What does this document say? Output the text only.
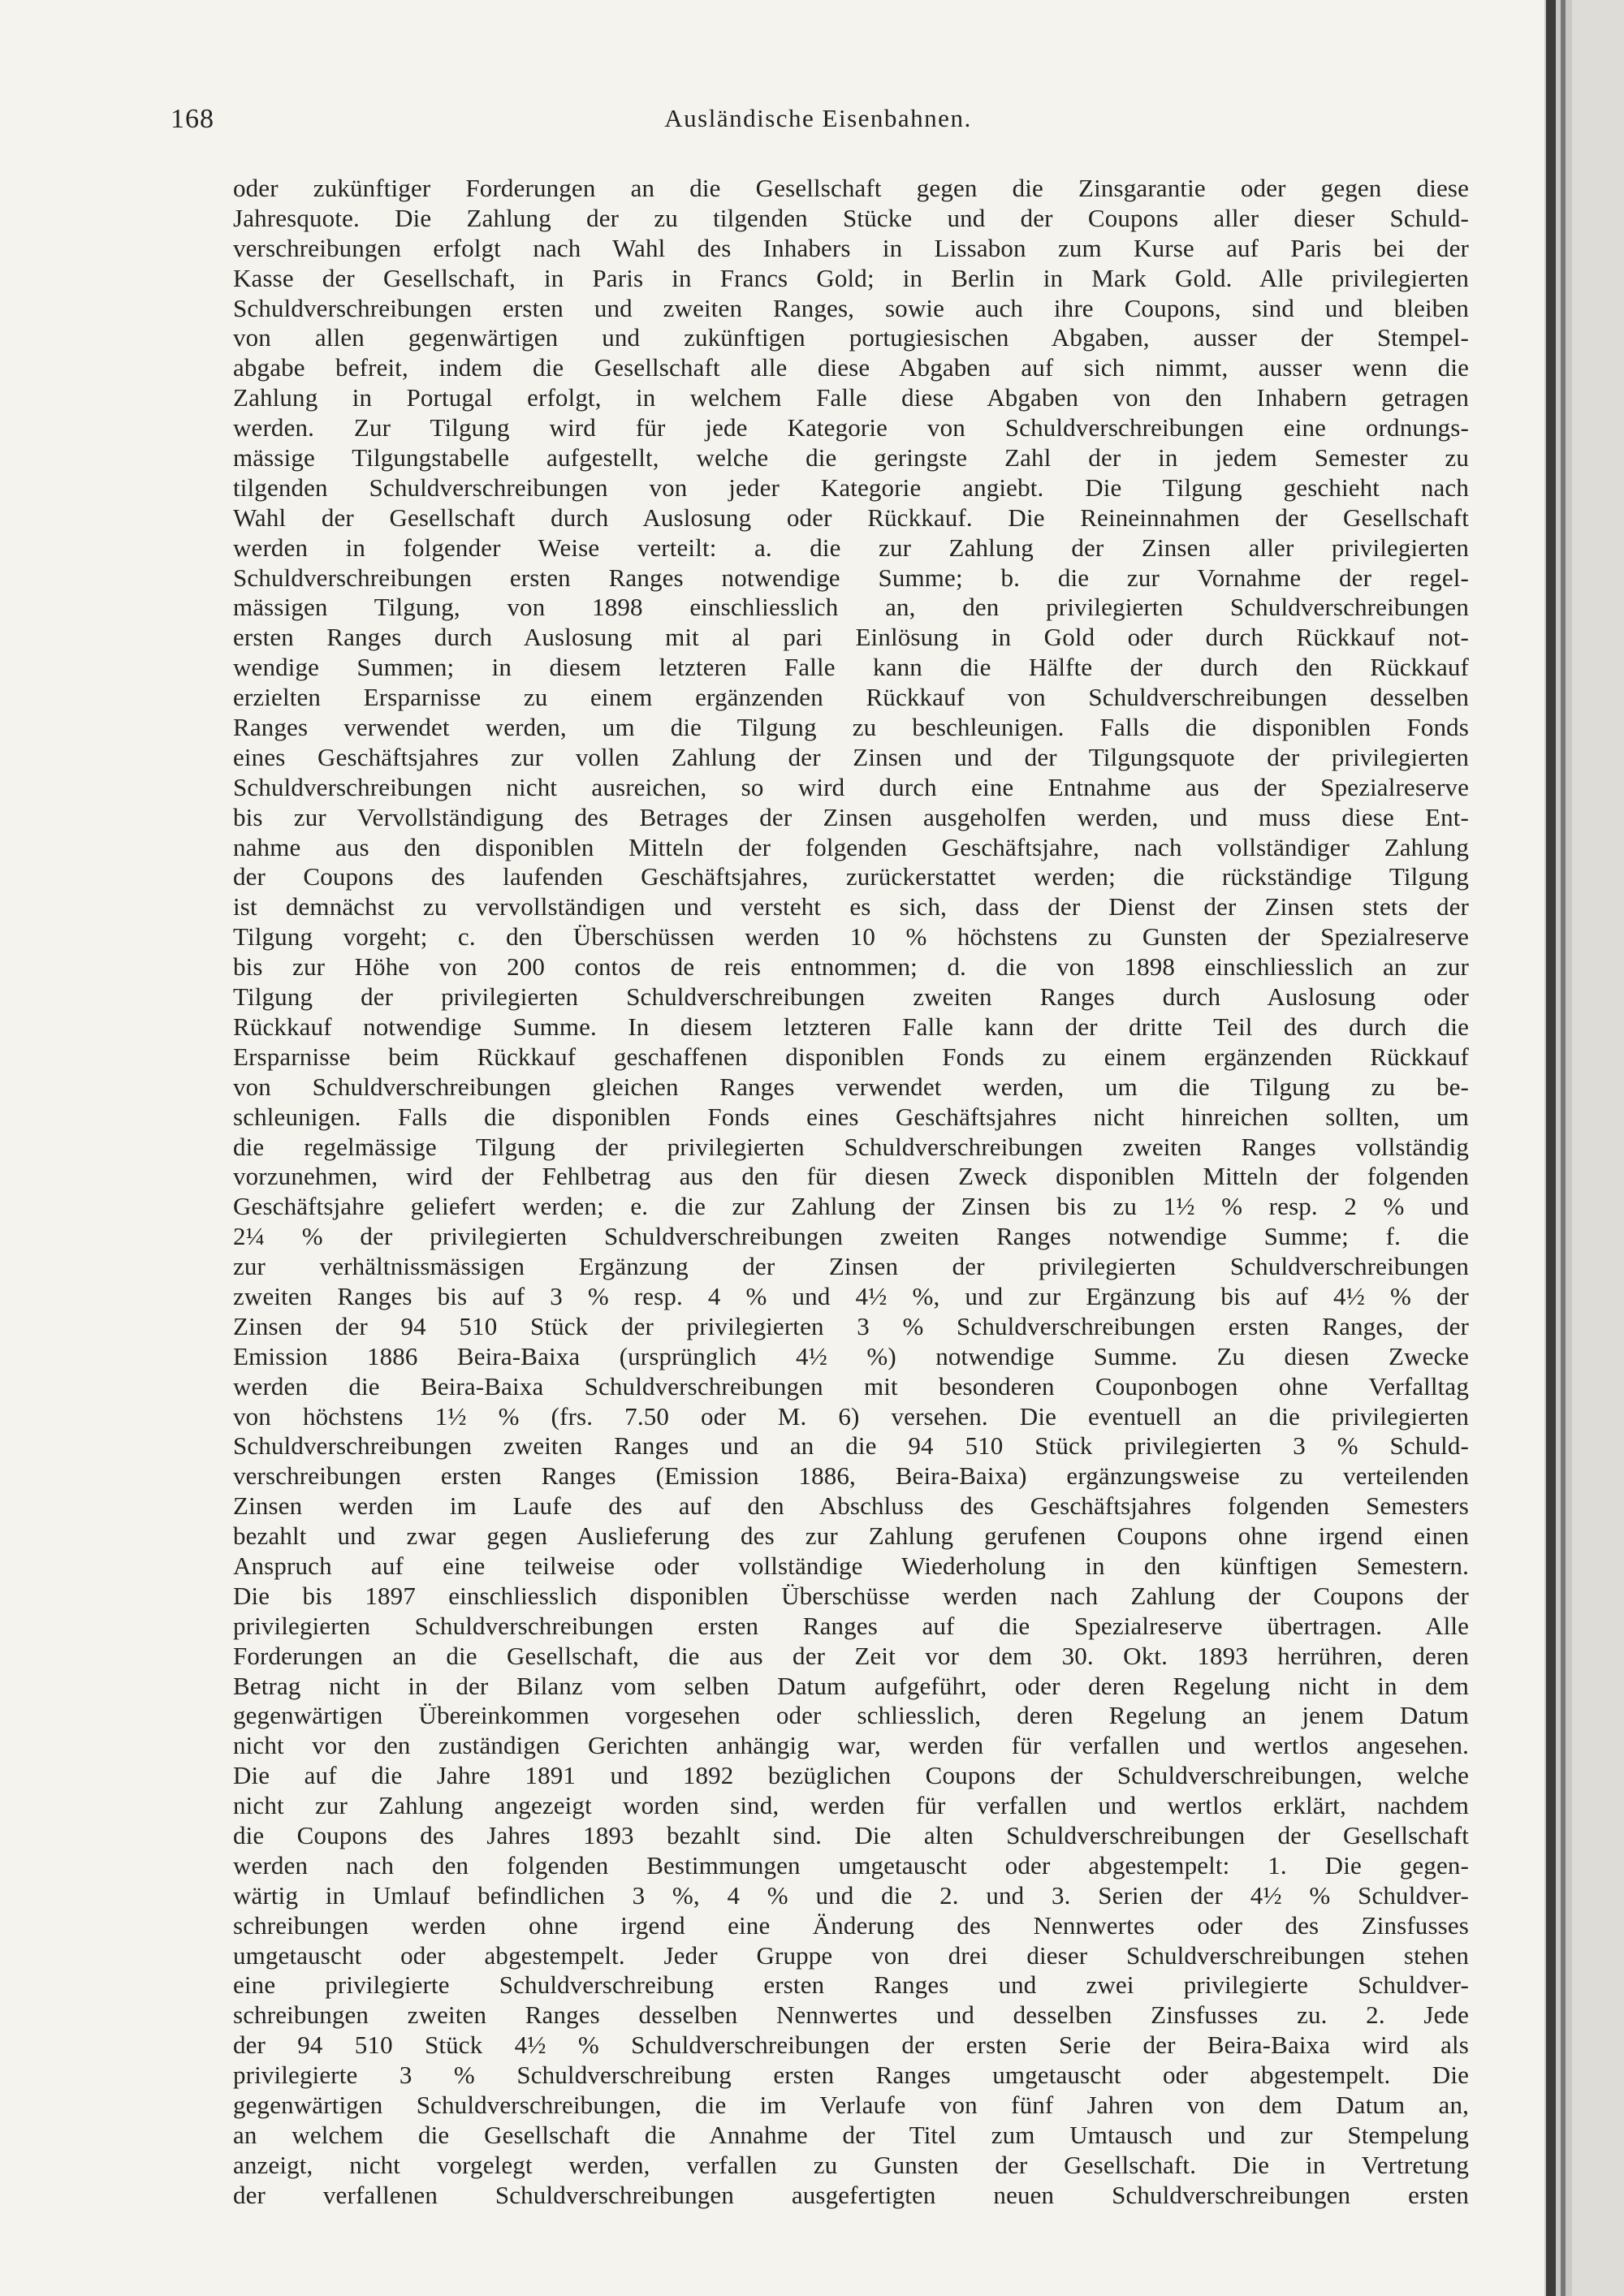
168	Ausländische Eisenbahnen.
oder zukünftiger Forderungen an die Gesellschaft gegen die Zinsgarantie oder gegen diese
Jahresquote. Die Zahlung der zu tilgenden Stücke und der Coupons aller dieser Schuld-
verschreibungen erfolgt nach Wahl des Inhabers in Lissabon zum Kurse auf Paris bei der
Kasse der Gesellschaft, in Paris in Francs Gold; in Berlin in Mark Gold. Alle privilegierten
Schuldverschreibungen ersten und zweiten Ranges, sowie auch ihre Coupons, sind und bleiben
von allen gegenwärtigen und zukünftigen portugiesischen Abgaben, ausser der Stempel-
abgabe befreit, indem die Gesellschaft alle diese Abgaben auf sich nimmt, ausser wenn die
Zahlung in Portugal erfolgt, in welchem Falle diese Abgaben von den Inhabern getragen
werden. Zur Tilgung wird für jede Kategorie von Schuldverschreibungen eine ordnungs-
mässige Tilgungstabelle aufgestellt, welche die geringste Zahl der in jedem Semester zu
tilgenden Schuldverschreibungen von jeder Kategorie angiebt. Die Tilgung geschieht nach
Wahl der Gesellschaft durch Auslosung oder Rückkauf. Die Reineinnahmen der Gesellschaft
werden in folgender Weise verteilt: a. die zur Zahlung der Zinsen aller privilegierten
Schuldverschreibungen ersten Ranges notwendige Summe; b. die zur Vornahme der regel-
mässigen Tilgung, von 1898 einschliesslich an, den privilegierten Schuldverschreibungen
ersten Ranges durch Auslosung mit al pari Einlösung in Gold oder durch Rückkauf not-
wendige Summen; in diesem letzteren Falle kann die Hälfte der durch den Rückkauf
erzielten Ersparnisse zu einem ergänzenden Rückkauf von Schuldverschreibungen desselben
Ranges verwendet werden, um die Tilgung zu beschleunigen. Falls die disponiblen Fonds
eines Geschäftsjahres zur vollen Zahlung der Zinsen und der Tilgungsquote der privilegierten
Schuldverschreibungen nicht ausreichen, so wird durch eine Entnahme aus der Spezialreserve
bis zur Vervollständigung des Betrages der Zinsen ausgeholfen werden, und muss diese Ent-
nahme aus den disponiblen Mitteln der folgenden Geschäftsjahre, nach vollständiger Zahlung
der Coupons des laufenden Geschäftsjahres, zurückerstattet werden; die rückständige Tilgung
ist demnächst zu vervollständigen und versteht es sich, dass der Dienst der Zinsen stets der
Tilgung vorgeht; c. den Überschüssen werden 10 % höchstens zu Gunsten der Spezialreserve
bis zur Höhe von 200 contos de reis entnommen; d. die von 1898 einschliesslich an zur
Tilgung der privilegierten Schuldverschreibungen zweiten Ranges durch Auslosung oder
Rückkauf notwendige Summe. In diesem letzteren Falle kann der dritte Teil des durch die
Ersparnisse beim Rückkauf geschaffenen disponiblen Fonds zu einem ergänzenden Rückkauf
von Schuldverschreibungen gleichen Ranges verwendet werden, um die Tilgung zu be-
schleunigen. Falls die disponiblen Fonds eines Geschäftsjahres nicht hinreichen sollten, um
die regelmässige Tilgung der privilegierten Schuldverschreibungen zweiten Ranges vollständig
vorzunehmen, wird der Fehlbetrag aus den für diesen Zweck disponiblen Mitteln der folgenden
Geschäftsjahre geliefert werden; e. die zur Zahlung der Zinsen bis zu 1½ % resp. 2 % und
2¼ % der privilegierten Schuldverschreibungen zweiten Ranges notwendige Summe; f. die
zur verhältnissmässigen Ergänzung der Zinsen der privilegierten Schuldverschreibungen
zweiten Ranges bis auf 3 % resp. 4 % und 4½ %, und zur Ergänzung bis auf 4½ % der
Zinsen der 94 510 Stück der privilegierten 3 % Schuldverschreibungen ersten Ranges, der
Emission 1886 Beira-Baixa (ursprünglich 4½ %) notwendige Summe. Zu diesen Zwecke
werden die Beira-Baixa Schuldverschreibungen mit besonderen Couponbogen ohne Verfalltag
von höchstens 1½ % (frs. 7.50 oder M. 6) versehen. Die eventuell an die privilegierten
Schuldverschreibungen zweiten Ranges und an die 94 510 Stück privilegierten 3 % Schuld-
verschreibungen ersten Ranges (Emission 1886, Beira-Baixa) ergänzungsweise zu verteilenden
Zinsen werden im Laufe des auf den Abschluss des Geschäftsjahres folgenden Semesters
bezahlt und zwar gegen Auslieferung des zur Zahlung gerufenen Coupons ohne irgend einen
Anspruch auf eine teilweise oder vollständige Wiederholung in den künftigen Semestern.
Die bis 1897 einschliesslich disponiblen Überschüsse werden nach Zahlung der Coupons der
privilegierten Schuldverschreibungen ersten Ranges auf die Spezialreserve übertragen. Alle
Forderungen an die Gesellschaft, die aus der Zeit vor dem 30. Okt. 1893 herrühren, deren
Betrag nicht in der Bilanz vom selben Datum aufgeführt, oder deren Regelung nicht in dem
gegenwärtigen Übereinkommen vorgesehen oder schliesslich, deren Regelung an jenem Datum
nicht vor den zuständigen Gerichten anhängig war, werden für verfallen und wertlos angesehen.
Die auf die Jahre 1891 und 1892 bezüglichen Coupons der Schuldverschreibungen, welche
nicht zur Zahlung angezeigt worden sind, werden für verfallen und wertlos erklärt, nachdem
die Coupons des Jahres 1893 bezahlt sind. Die alten Schuldverschreibungen der Gesellschaft
werden nach den folgenden Bestimmungen umgetauscht oder abgestempelt: 1. Die gegen-
wärtig in Umlauf befindlichen 3 %, 4 % und die 2. und 3. Serien der 4½ % Schuldver-
schreibungen werden ohne irgend eine Änderung des Nennwertes oder des Zinsfusses
umgetauscht oder abgestempelt. Jeder Gruppe von drei dieser Schuldverschreibungen stehen
eine privilegierte Schuldverschreibung ersten Ranges und zwei privilegierte Schuldver-
schreibungen zweiten Ranges desselben Nennwertes und desselben Zinsfusses zu. 2. Jede
der 94 510 Stück 4½ % Schuldverschreibungen der ersten Serie der Beira-Baixa wird als
privilegierte 3 % Schuldverschreibung ersten Ranges umgetauscht oder abgestempelt. Die
gegenwärtigen Schuldverschreibungen, die im Verlaufe von fünf Jahren von dem Datum an,
an welchem die Gesellschaft die Annahme der Titel zum Umtausch und zur Stempelung
anzeigt, nicht vorgelegt werden, verfallen zu Gunsten der Gesellschaft. Die in Vertretung
der verfallenen Schuldverschreibungen ausgefertigten neuen Schuldverschreibungen ersten
